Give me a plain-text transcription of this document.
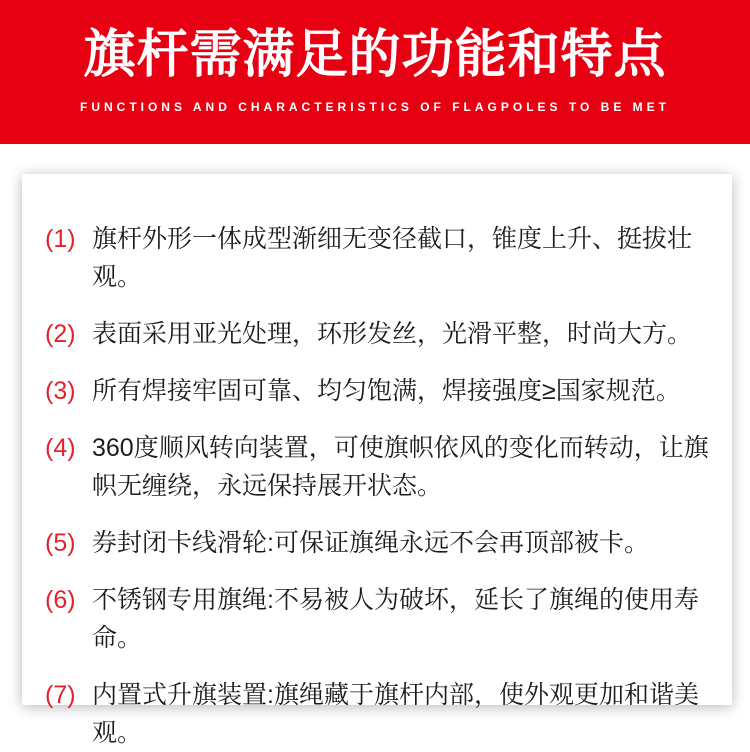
旗杆需满足的功能和特点
FUNCTIONS AND CHARACTERISTICS OF FLAGPOLES TO BE MET
(1) 旗杆外形一体成型渐细无变径截口，锥度上升、挺拔壮观。
(2) 表面采用亚光处理，环形发丝，光滑平整，时尚大方。
(3) 所有焊接牢固可靠、均匀饱满，焊接强度≥国家规范。
(4) 360度顺风转向装置，可使旗帜依风的变化而转动，让旗帜无缠绕，永远保持展开状态。
(5) 券封闭卡线滑轮:可保证旗绳永远不会再顶部被卡。
(6) 不锈钢专用旗绳:不易被人为破坏，延长了旗绳的使用寿命。
(7) 内置式升旗装置:旗绳藏于旗杆内部，使外观更加和谐美观。
